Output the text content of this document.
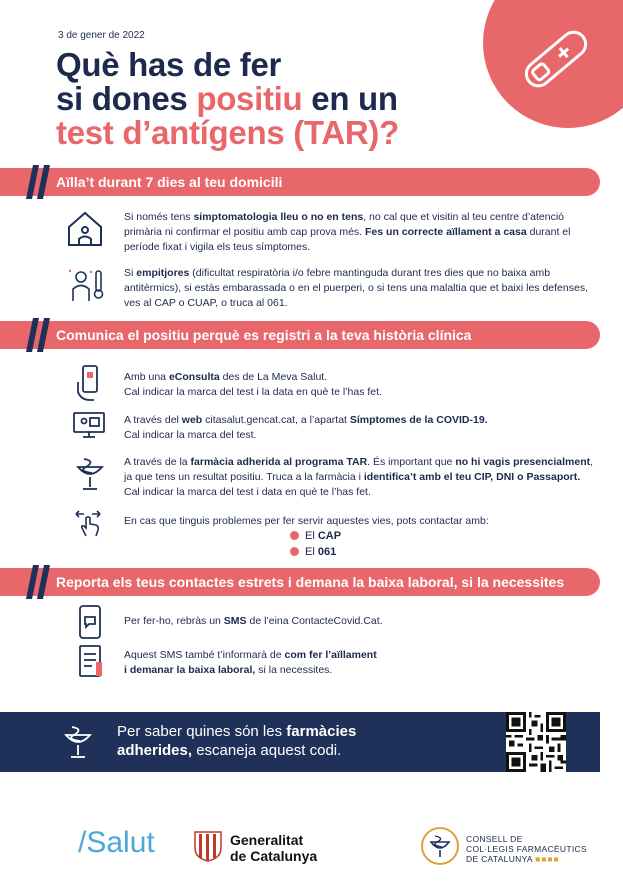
3 de gener de 2022
Què has de fer
si dones positiu en un
test d’antígens (TAR)?
Aïlla’t durant 7 dies al teu domicili
Si només tens simptomatologia lleu o no en tens, no cal que et visitin al teu centre d’atenció primària ni confirmar el positiu amb cap prova més. Fes un correcte aïllament a casa durant el període fixat i vigila els teus símptomes.
Si empitjores (dificultat respiratòria i/o febre mantinguda durant tres dies que no baixa amb antitèrmics), si estàs embarassada o en el puerperi, o si tens una malaltia que et baixi les defenses, ves al CAP o CUAP, o truca al 061.
Comunica el positiu perquè es registri a la teva història clínica
Amb una eConsulta des de La Meva Salut.
Cal indicar la marca del test i la data en què te l’has fet.
A través del web citasalut.gencat.cat, a l’apartat Símptomes de la COVID-19.
Cal indicar la marca del test.
A través de la farmàcia adherida al programa TAR. És important que no hi vagis presencialment, ja que tens un resultat positiu. Truca a la farmàcia i identifica’t amb el teu CIP, DNI o Passaport. Cal indicar la marca del test i data en què te l’has fet.
En cas que tinguis problemes per fer servir aquestes vies, pots contactar amb:
El CAP
El 061
Reporta els teus contactes estrets i demana la baixa laboral, si la necessites
Per fer-ho, rebràs un SMS de l’eina ContacteCovid.Cat.
Aquest SMS també t’informarà de com fer l’aïllament
i demanar la baixa laboral, si la necessites.
Per saber quines són les farmàcies adherides, escaneja aquest codi.
/Salut	Generalitat
de Catalunya
CONSELL DE
COL·LEGIS FARMACÈUTICS
DE CATALUNYA ■■■■
